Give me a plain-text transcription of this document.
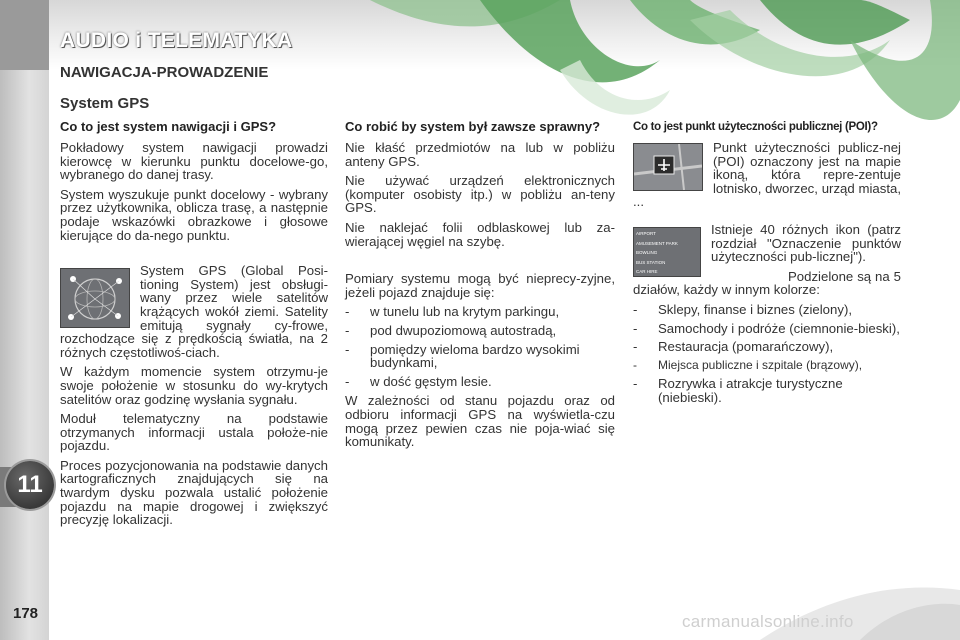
AUDIO i TELEMATYKA
NAWIGACJA-PROWADZENIE
System GPS
Co to jest system nawigacji i GPS?

Pokładowy system nawigacji prowadzi kierowcę w kierunku punktu docelowe-go, wybranego do danej trasy.

System wyszukuje punkt docelowy - wybrany przez użytkownika, oblicza trasę, a następnie podaje wskazówki obrazkowe i głosowe kierujące do da-nego punktu.

System GPS (Global Posi-tioning System) jest obsługi-wany przez wiele satelitów krążących wokół ziemi. Satelity emitują sygnały cy-frowe, rozchodzące się z prędkością światła, na 2 różnych częstotliwoś-ciach.

W każdym momencie system otrzymu-je swoje położenie w stosunku do wy-krytych satelitów oraz godzinę wysłania sygnału.

Moduł telematyczny na podstawie otrzymanych informacji ustala położe-nie pojazdu.

Proces pozycjonowania na podstawie danych kartograficznych znajdujących się na twardym dysku pozwala ustalić położenie pojazdu na mapie drogowej i zwiększyć precyzję lokalizacji.

Co robić by system był zawsze sprawny?

Nie kłaść przedmiotów na lub w pobliżu anteny GPS.

Nie używać urządzeń elektronicznych (komputer osobisty itp.) w pobliżu an-teny GPS.

Nie naklejać folii odblaskowej lub za-wierającej węgiel na szybę.

Pomiary systemu mogą być nieprecy-zyjne, jeżeli pojazd znajduje się:

- w tunelu lub na krytym parkingu,
- pod dwupoziomową autostradą,
- pomiędzy wieloma bardzo wysokimi budynkami,
- w dość gęstym lesie.

W zależności od stanu pojazdu oraz od odbioru informacji GPS na wyświetla-czu mogą przez pewien czas nie poja-wiać się komunikaty.

Co to jest punkt użyteczności publicznej (POI)?

Punkt użyteczności publicz-nej (POI) oznaczony jest na mapie ikoną, która repre-zentuje lotnisko, dworzec, urząd miasta, ...

AIRPORT
AMUSEMENT PARK
BOWLING
BUS STATION
CAR HIRE

Istnieje 40 różnych ikon (patrz rozdział "Oznaczenie punktów użyteczności pub-licznej").

Podzielone są na 5 działów, każdy w innym kolorze:

- Sklepy, finanse i biznes (zielony),
- Samochody i podróże (ciemnonie-bieski),
- Restauracja (pomarańczowy),
- Miejsca publiczne i szpitale (brązowy),
- Rozrywka i atrakcje turystyczne (niebieski).
11
178	carmanualsonline.info
